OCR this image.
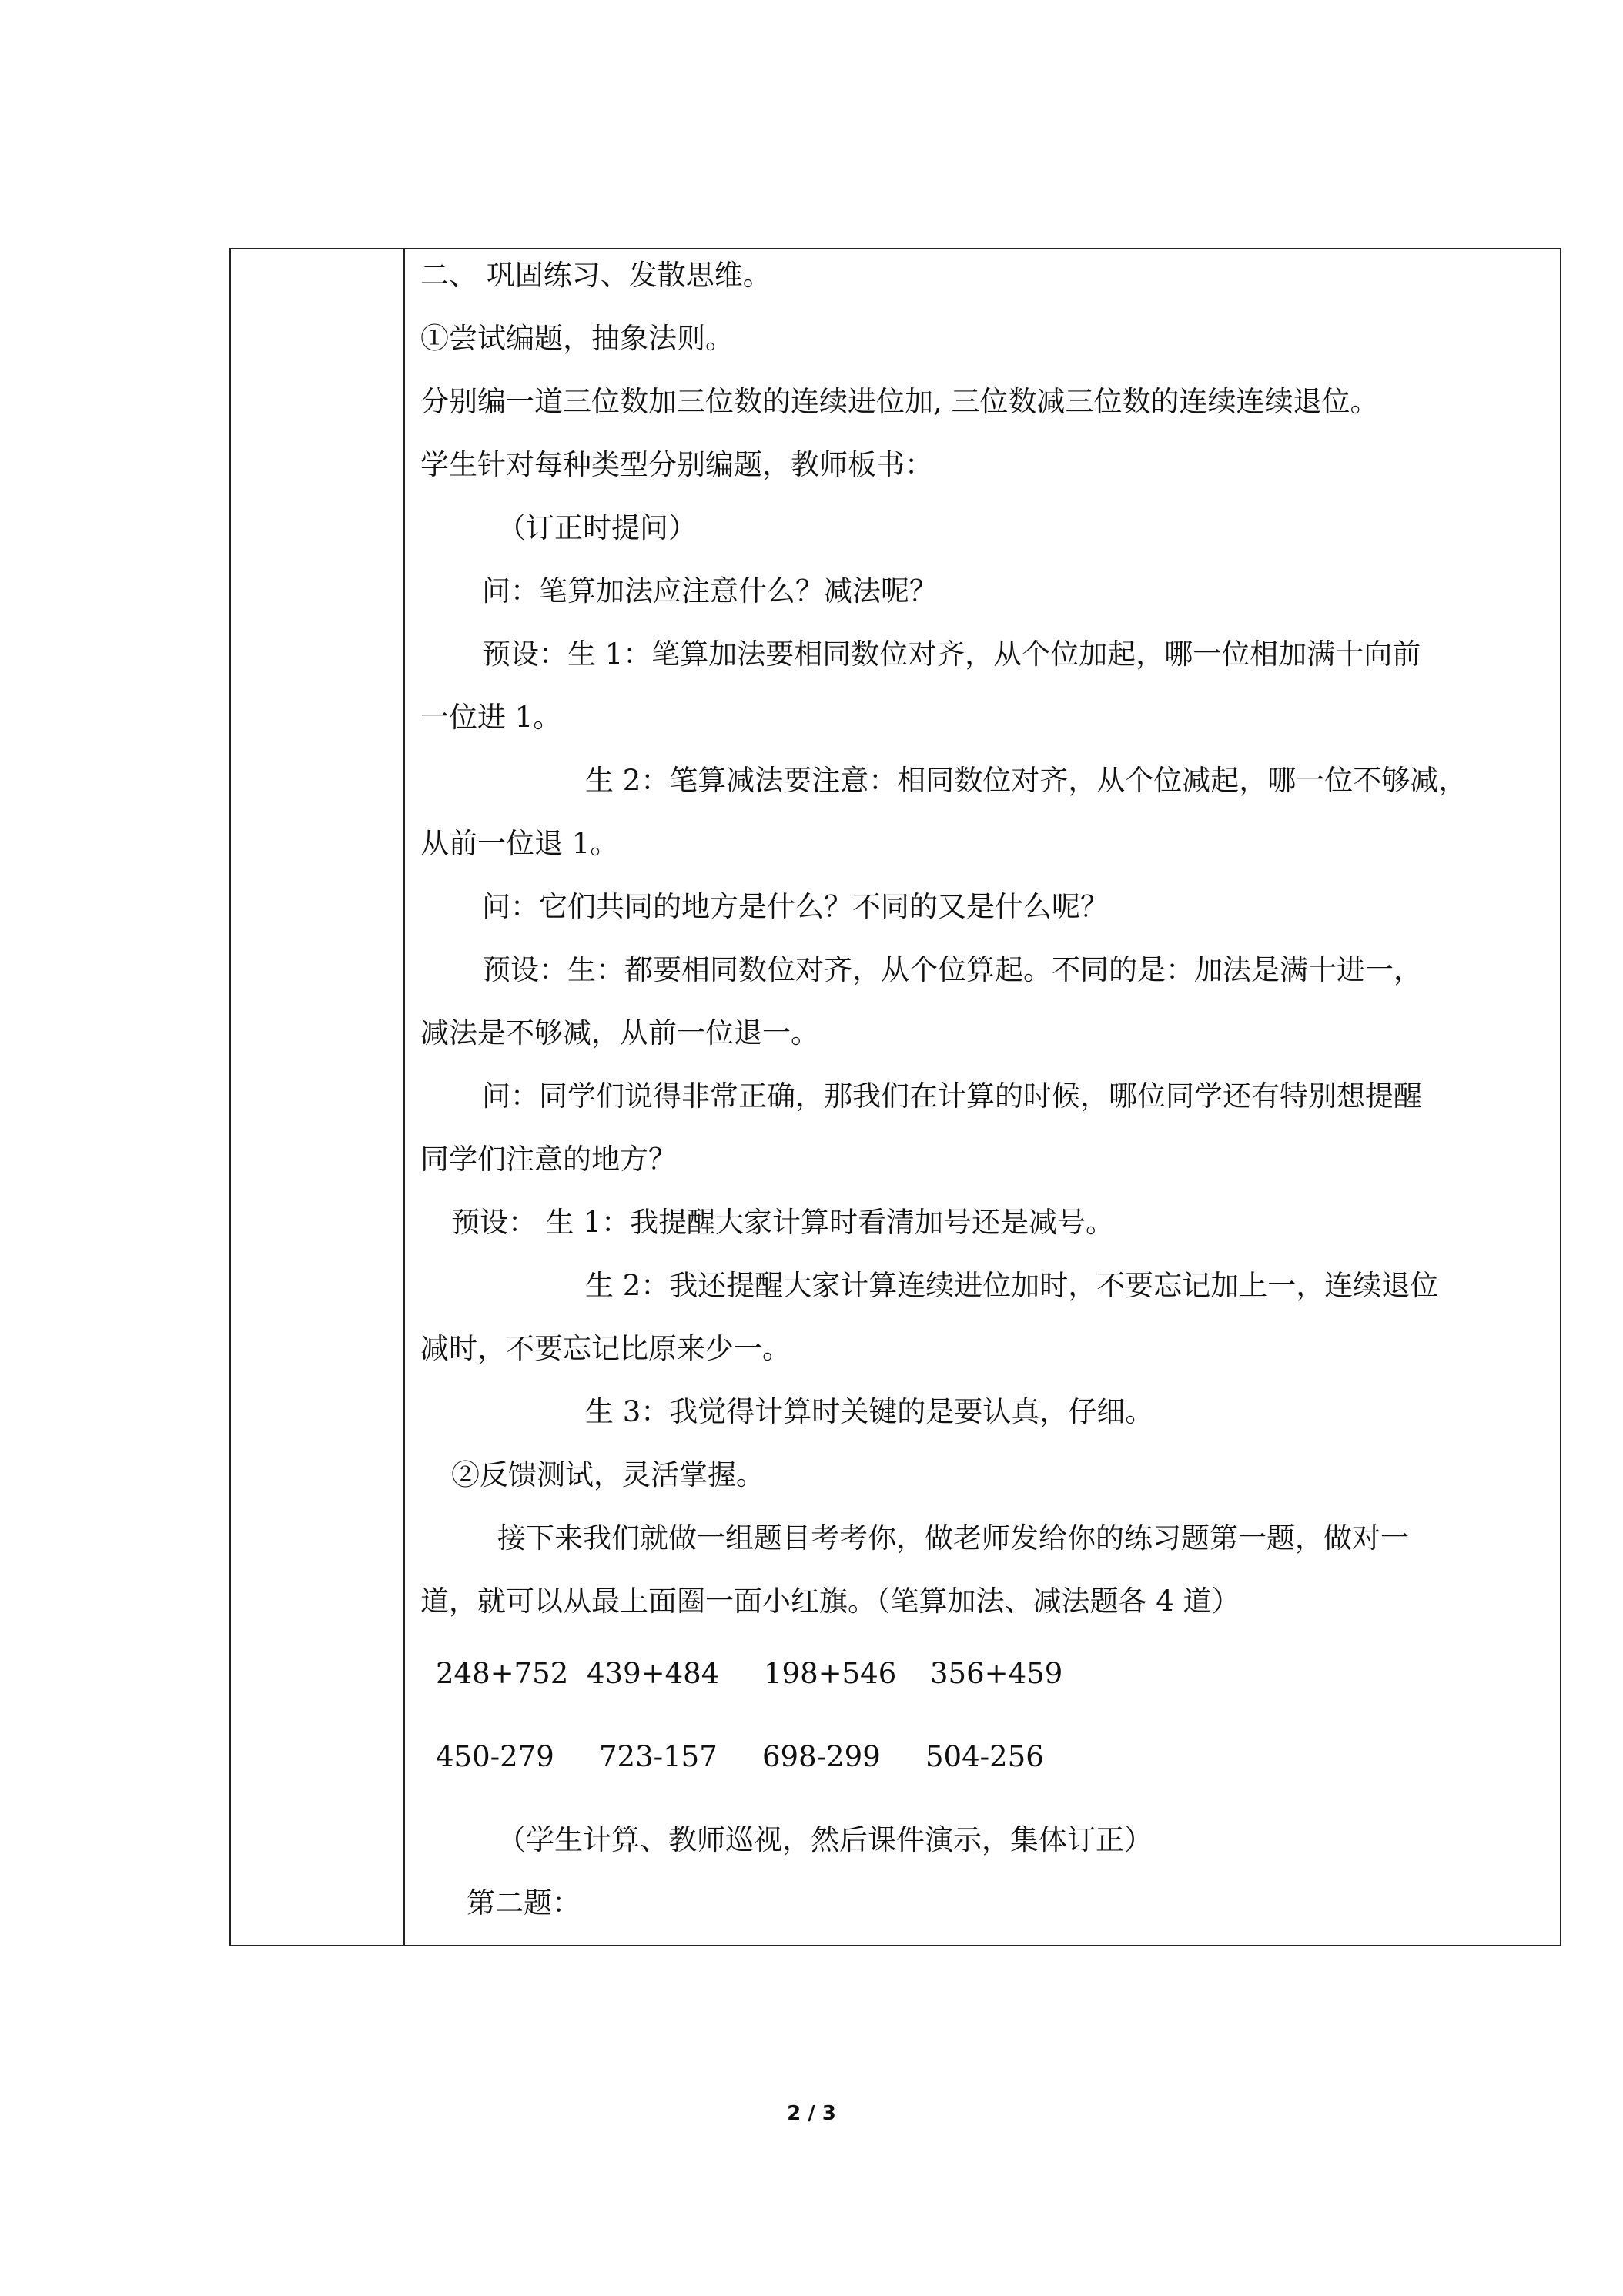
二、 巩固练习、发散思维。
①尝试编题，抽象法则。
分别编一道三位数加三位数的连续进位加, 三位数减三位数的连续连续退位。
学生针对每种类型分别编题，教师板书：
（订正时提问）
问：笔算加法应注意什么？减法呢？
预设：生 1：笔算加法要相同数位对齐，从个位加起，哪一位相加满十向前
一位进 1。
生 2：笔算减法要注意：相同数位对齐，从个位减起，哪一位不够减，
从前一位退 1。
问：它们共同的地方是什么？不同的又是什么呢？
预设：生：都要相同数位对齐，从个位算起。不同的是：加法是满十进一，
减法是不够减，从前一位退一。
问：同学们说得非常正确，那我们在计算的时候，哪位同学还有特别想提醒
同学们注意的地方？
预设： 生 1：我提醒大家计算时看清加号还是减号。
生 2：我还提醒大家计算连续进位加时，不要忘记加上一，连续退位
减时，不要忘记比原来少一。
生 3：我觉得计算时关键的是要认真，仔细。
②反馈测试，灵活掌握。
接下来我们就做一组题目考考你，做老师发给你的练习题第一题，做对一
道，就可以从最上面圈一面小红旗。（笔算加法、减法题各 4 道）
248+752 439+484 198+546 356+459
450-279 723-157 698-299 504-256
（学生计算、教师巡视，然后课件演示，集体订正）
第二题：
2 / 3
